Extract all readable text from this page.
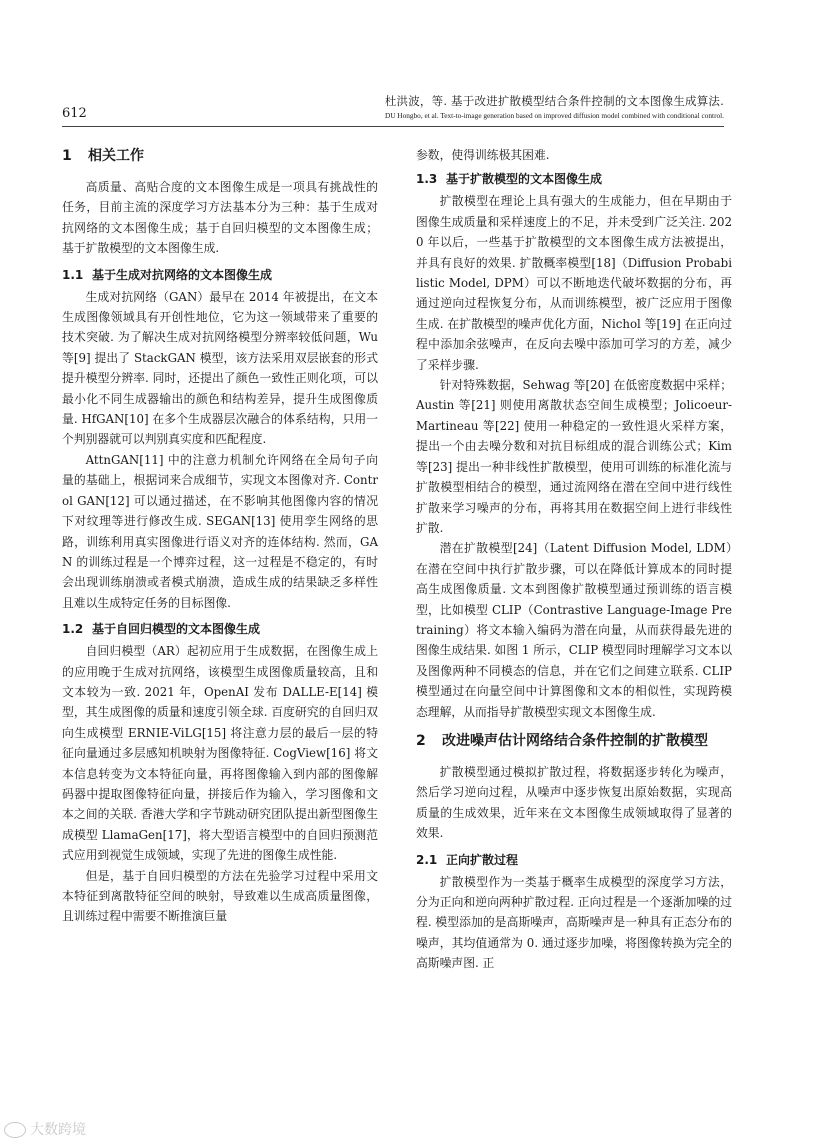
612
杜洪波，等. 基于改进扩散模型结合条件控制的文本图像生成算法.
DU Hongbo, et al. Text-to-image generation based on improved diffusion model combined with conditional control.
1	相关工作

高质量、高贴合度的文本图像生成是一项具有挑战性的任务，目前主流的深度学习方法基本分为三种：基于生成对抗网络的文本图像生成；基于自回归模型的文本图像生成；基于扩散模型的文本图像生成.

1.1 基于生成对抗网络的文本图像生成

生成对抗网络（GAN）最早在 2014 年被提出，在文本生成图像领域具有开创性地位，它为这一领域带来了重要的技术突破. 为了解决生成对抗网络模型分辨率较低问题，Wu 等[9] 提出了 StackGAN 模型，该方法采用双层嵌套的形式提升模型分辨率. 同时，还提出了颜色一致性正则化项，可以最小化不同生成器输出的颜色和结构差异，提升生成图像质量. HfGAN[10] 在多个生成器层次融合的体系结构，只用一个判别器就可以判别真实度和匹配程度.

AttnGAN[11] 中的注意力机制允许网络在全局句子向量的基础上，根据词来合成细节，实现文本图像对齐. Control GAN[12] 可以通过描述，在不影响其他图像内容的情况下对纹理等进行修改生成. SEGAN[13] 使用孪生网络的思路，训练利用真实图像进行语义对齐的连体结构. 然而，GAN 的训练过程是一个博弈过程，这一过程是不稳定的，有时会出现训练崩溃或者模式崩溃，造成生成的结果缺乏多样性且难以生成特定任务的目标图像.

1.2 基于自回归模型的文本图像生成

自回归模型（AR）起初应用于生成数据，在图像生成上的应用晚于生成对抗网络，该模型生成图像质量较高，且和文本较为一致. 2021 年，OpenAI 发布 DALLE-E[14] 模型，其生成图像的质量和速度引领全球. 百度研究的自回归双向生成模型 ERNIE-ViLG[15] 将注意力层的最后一层的特征向量通过多层感知机映射为图像特征. CogView[16] 将文本信息转变为文本特征向量，再将图像输入到内部的图像解码器中提取图像特征向量，拼接后作为输入，学习图像和文本之间的关联. 香港大学和字节跳动研究团队提出新型图像生成模型 LlamaGen[17]，将大型语言模型中的自回归预测范式应用到视觉生成领域，实现了先进的图像生成性能.

但是，基于自回归模型的方法在先验学习过程中采用文本特征到离散特征空间的映射，导致难以生成高质量图像，且训练过程中需要不断推演巨量

参数，使得训练极其困难.

1.3 基于扩散模型的文本图像生成

扩散模型在理论上具有强大的生成能力，但在早期由于图像生成质量和采样速度上的不足，并未受到广泛关注. 2020 年以后，一些基于扩散模型的文本图像生成方法被提出，并具有良好的效果. 扩散概率模型[18]（Diffusion Probabilistic Model, DPM）可以不断地迭代破坏数据的分布，再通过逆向过程恢复分布，从而训练模型，被广泛应用于图像生成. 在扩散模型的噪声优化方面，Nichol 等[19] 在正向过程中添加余弦噪声，在反向去噪中添加可学习的方差，减少了采样步骤.

针对特殊数据，Sehwag 等[20] 在低密度数据中采样；Austin 等[21] 则使用离散状态空间生成模型；Jolicoeur-Martineau 等[22] 使用一种稳定的一致性退火采样方案，提出一个由去噪分数和对抗目标组成的混合训练公式；Kim 等[23] 提出一种非线性扩散模型，使用可训练的标准化流与扩散模型相结合的模型，通过流网络在潜在空间中进行线性扩散来学习噪声的分布，再将其用在数据空间上进行非线性扩散.

潜在扩散模型[24]（Latent Diffusion Model, LDM）在潜在空间中执行扩散步骤，可以在降低计算成本的同时提高生成图像质量. 文本到图像扩散模型通过预训练的语言模型，比如模型 CLIP（Contrastive Language-Image Pretraining）将文本输入编码为潜在向量，从而获得最先进的图像生成结果. 如图 1 所示，CLIP 模型同时理解学习文本以及图像两种不同模态的信息，并在它们之间建立联系. CLIP 模型通过在向量空间中计算图像和文本的相似性，实现跨模态理解，从而指导扩散模型实现文本图像生成.

2	改进噪声估计网络结合条件控制的扩散模型

扩散模型通过模拟扩散过程，将数据逐步转化为噪声，然后学习逆向过程，从噪声中逐步恢复出原始数据，实现高质量的生成效果，近年来在文本图像生成领域取得了显著的效果.

2.1 正向扩散过程

扩散模型作为一类基于概率生成模型的深度学习方法，分为正向和逆向两种扩散过程. 正向过程是一个逐渐加噪的过程. 模型添加的是高斯噪声，高斯噪声是一种具有正态分布的噪声，其均值通常为 0. 通过逐步加噪，将图像转换为完全的高斯噪声图. 正

大数跨境
